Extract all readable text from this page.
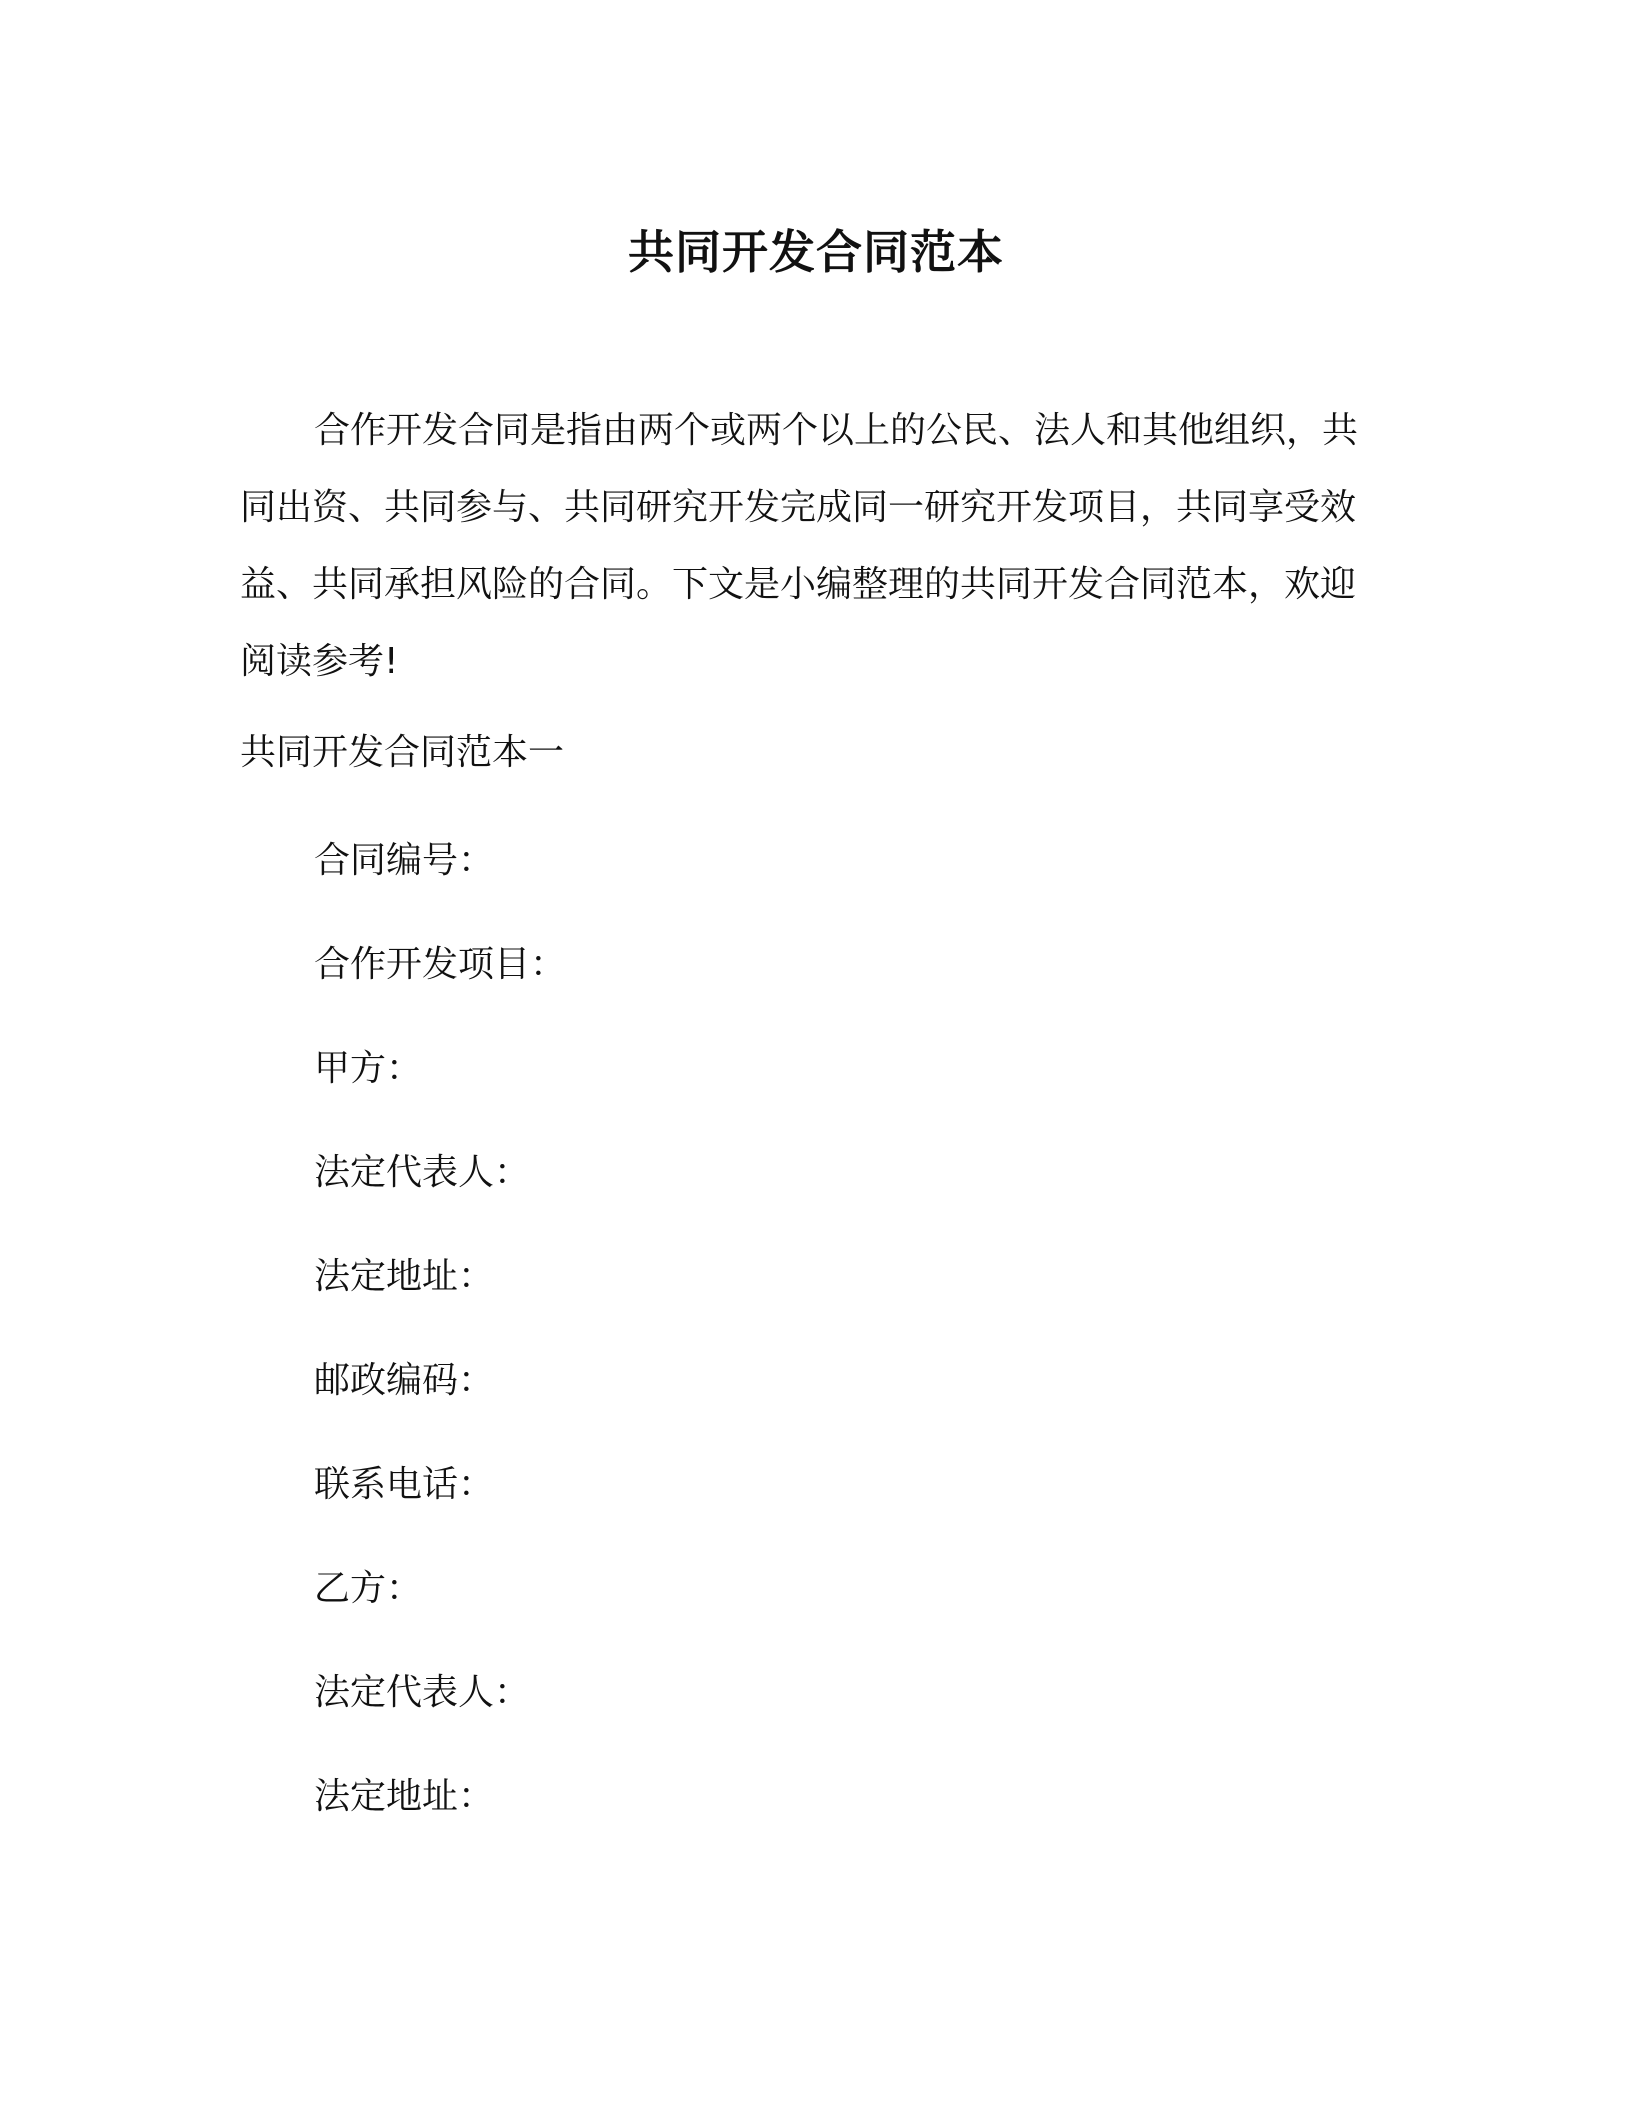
共同开发合同范本

合作开发合同是指由两个或两个以上的公民、法人和其他组织，共同出资、共同参与、共同研究开发完成同一研究开发项目，共同享受效益、共同承担风险的合同。下文是小编整理的共同开发合同范本，欢迎阅读参考!

共同开发合同范本一

合同编号：
合作开发项目：
甲方：
法定代表人：
法定地址：
邮政编码：
联系电话：
乙方：
法定代表人：
法定地址：
